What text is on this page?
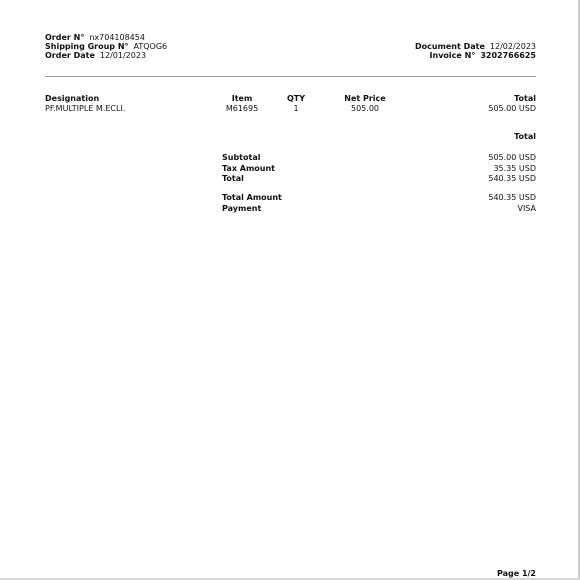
Order N° nx704108454
Shipping Group N° ATQOG6
Order Date 12/01/2023
Document Date 12/02/2023
Invoice N° 3202766625
Designation	Item	QTY	Net Price	Total
PF.MULTIPLE M.ECLI.	M61695	1	505.00	505.00 USD
Total
Subtotal	505.00 USD
Tax Amount	35.35 USD
Total	540.35 USD
Total Amount	540.35 USD
Payment	VISA
Page 1/2
